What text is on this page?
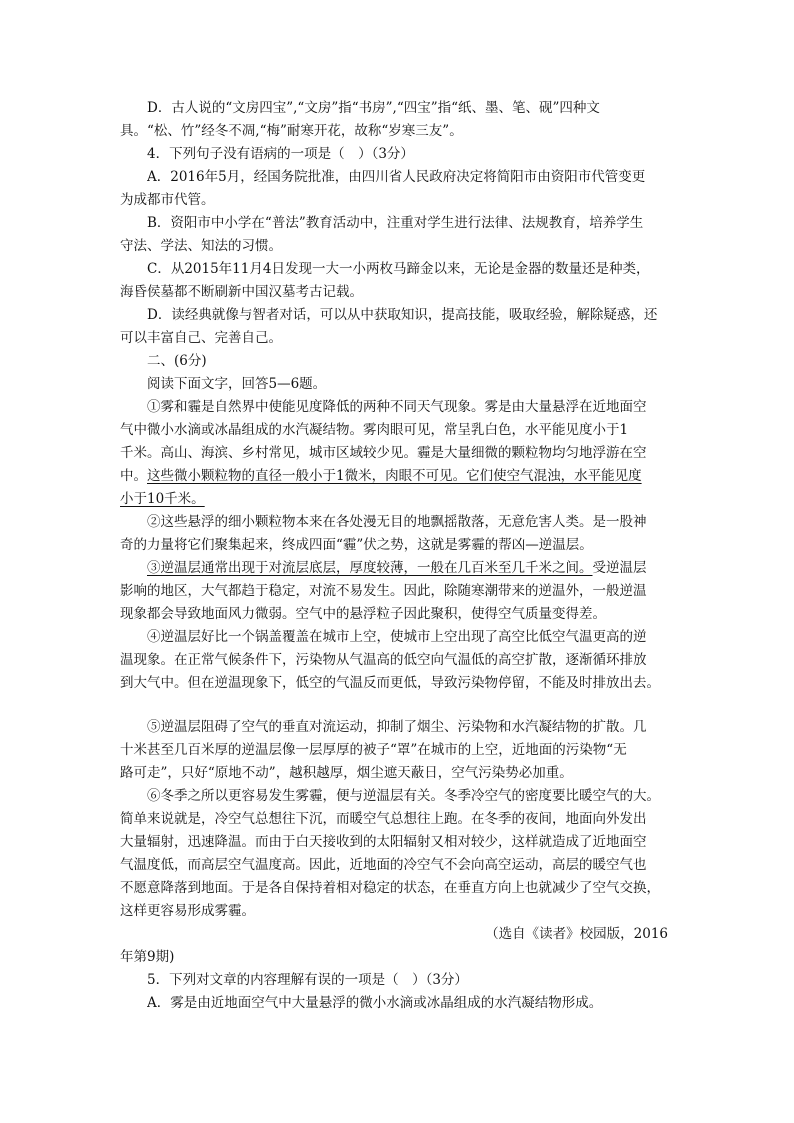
D．古人说的“文房四宝”,“文房”指“书房”,“四宝”指“纸、墨、笔、砚”四种文
具。“松、竹”经冬不凋,“梅”耐寒开花，故称“岁寒三友”。
4．下列句子没有语病的一项是（　）（3分）
A．2016年5月，经国务院批准，由四川省人民政府决定将简阳市由资阳市代管变更
为成都市代管。
B．资阳市中小学在“普法”教育活动中，注重对学生进行法律、法规教育，培养学生
守法、学法、知法的习惯。
C．从2015年11月4日发现一大一小两枚马蹄金以来，无论是金器的数量还是种类，
海昏侯墓都不断刷新中国汉墓考古记载。
D．读经典就像与智者对话，可以从中获取知识，提高技能，吸取经验，解除疑惑，还
可以丰富自己、完善自己。
二、(6分)
阅读下面文字，回答5—6题。
①雾和霾是自然界中使能见度降低的两种不同天气现象。雾是由大量悬浮在近地面空
气中微小水滴或冰晶组成的水汽凝结物。雾肉眼可见，常呈乳白色，水平能见度小于1
千米。高山、海滨、乡村常见，城市区域较少见。霾是大量细微的颗粒物均匀地浮游在空
中。这些微小颗粒物的直径一般小于1微米，肉眼不可见。它们使空气混浊，水平能见度
小于10千米。
②这些悬浮的细小颗粒物本来在各处漫无目的地飘摇散落，无意危害人类。是一股神
奇的力量将它们聚集起来，终成四面“霾”伏之势，这就是雾霾的帮凶—逆温层。
③逆温层通常出现于对流层底层，厚度较薄，一般在几百米至几千米之间。受逆温层
影响的地区，大气都趋于稳定，对流不易发生。因此，除随寒潮带来的逆温外，一般逆温
现象都会导致地面风力微弱。空气中的悬浮粒子因此聚积，使得空气质量变得差。
④逆温层好比一个锅盖覆盖在城市上空，使城市上空出现了高空比低空气温更高的逆
温现象。在正常气候条件下，污染物从气温高的低空向气温低的高空扩散，逐渐循环排放
到大气中。但在逆温现象下，低空的气温反而更低，导致污染物停留，不能及时排放出去。
⑤逆温层阻碍了空气的垂直对流运动，抑制了烟尘、污染物和水汽凝结物的扩散。几
十米甚至几百米厚的逆温层像一层厚厚的被子“罩”在城市的上空，近地面的污染物“无
路可走”，只好“原地不动”，越积越厚，烟尘遮天蔽日，空气污染势必加重。
⑥冬季之所以更容易发生雾霾，便与逆温层有关。冬季冷空气的密度要比暖空气的大。
简单来说就是，冷空气总想往下沉，而暖空气总想往上跑。在冬季的夜间，地面向外发出
大量辐射，迅速降温。而由于白天接收到的太阳辐射又相对较少，这样就造成了近地面空
气温度低，而高层空气温度高。因此，近地面的冷空气不会向高空运动，高层的暖空气也
不愿意降落到地面。于是各自保持着相对稳定的状态，在垂直方向上也就减少了空气交换，
这样更容易形成雾霾。
（选自《读者》校园版，2016
年第9期)
5．下列对文章的内容理解有误的一项是（　）（3分）
A．雾是由近地面空气中大量悬浮的微小水滴或冰晶组成的水汽凝结物形成。
